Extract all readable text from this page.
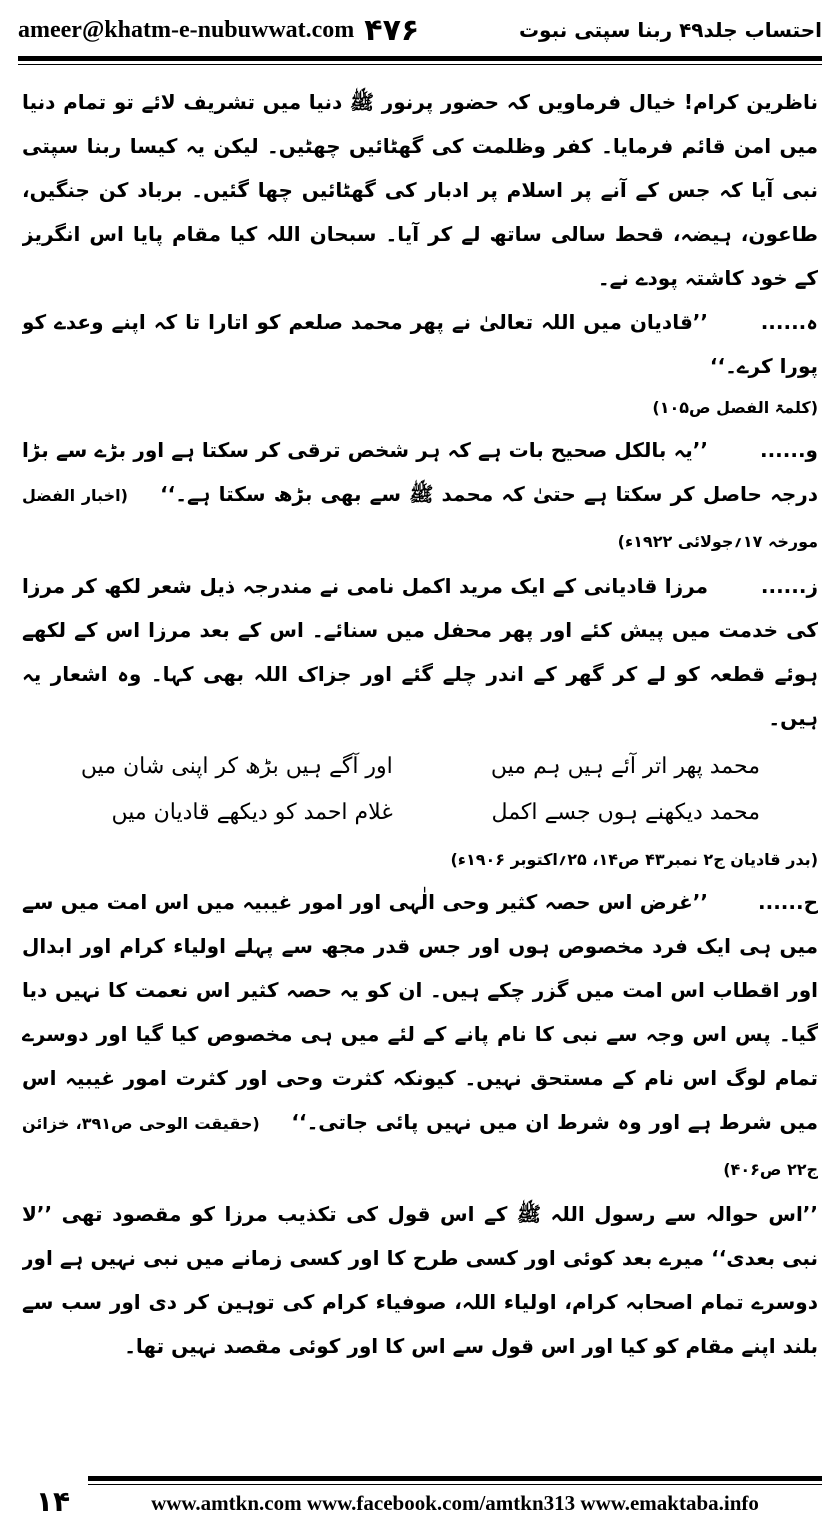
ameer@khatm-e-nubuwwat.com ۴۷۶	احتساب جلد۴۹ ربنا سپتی نبوت

ناظرین کرام! خیال فرماویں کہ حضور پرنور ﷺ دنیا میں تشریف لائے تو تمام دنیا میں امن قائم فرمایا۔ کفر وظلمت کی گھٹائیں چھٹیں۔ لیکن یہ کیسا ربنا سپتی نبی آیا کہ جس کے آنے پر اسلام پر ادبار کی گھٹائیں چھا گئیں۔ برباد کن جنگیں، طاعون، ہیضہ، قحط سالی ساتھ لے کر آیا۔ سبحان اللہ کیا مقام پایا اس انگریز کے خود کاشتہ پودے نے۔

ہ......’’قادیان میں اللہ تعالیٰ نے پھر محمد صلعم کو اتارا تا کہ اپنے وعدے کو پورا کرے۔‘‘

(کلمۃ الفصل ص۱۰۵)

و......’’یہ بالکل صحیح بات ہے کہ ہر شخص ترقی کر سکتا ہے اور بڑے سے بڑا درجہ حاصل کر سکتا ہے حتیٰ کہ محمد ﷺ سے بھی بڑھ سکتا ہے۔‘‘ (اخبار الفضل مورخہ ۱۷؍جولائی ۱۹۲۲ء)

ز......مرزا قادیانی کے ایک مرید اکمل نامی نے مندرجہ ذیل شعر لکھ کر مرزا کی خدمت میں پیش کئے اور پھر محفل میں سنائے۔ اس کے بعد مرزا اس کے لکھے ہوئے قطعہ کو لے کر گھر کے اندر چلے گئے اور جزاک اللہ بھی کہا۔ وہ اشعار یہ ہیں۔

محمد پھر اتر آئے ہیں ہم میں
اور آگے ہیں بڑھ کر اپنی شان میں
محمد دیکھنے ہوں جسے اکمل
غلام احمد کو دیکھے قادیان میں

(بدر قادیان ج۲ نمبر۴۳ ص۱۴، ۲۵؍اکتوبر ۱۹۰۶ء)

ح......’’غرض اس حصہ کثیر وحی الٰہی اور امور غیبیہ میں اس امت میں سے میں ہی ایک فرد مخصوص ہوں اور جس قدر مجھ سے پہلے اولیاء کرام اور ابدال اور اقطاب اس امت میں گزر چکے ہیں۔ ان کو یہ حصہ کثیر اس نعمت کا نہیں دیا گیا۔ پس اس وجہ سے نبی کا نام پانے کے لئے میں ہی مخصوص کیا گیا اور دوسرے تمام لوگ اس نام کے مستحق نہیں۔ کیونکہ کثرت وحی اور کثرت امور غیبیہ اس میں شرط ہے اور وہ شرط ان میں نہیں پائی جاتی۔‘‘ (حقیقت الوحی ص۳۹۱، خزائن ج۲۲ ص۴۰۶)

’’اس حوالہ سے رسول اللہ ﷺ کے اس قول کی تکذیب مرزا کو مقصود تھی ’’لا نبی بعدی‘‘ میرے بعد کوئی اور کسی طرح کا اور کسی زمانے میں نبی نہیں ہے اور دوسرے تمام اصحابہ کرام، اولیاء اللہ، صوفیاء کرام کی توہین کر دی اور سب سے بلند اپنے مقام کو کیا اور اس قول سے اس کا اور کوئی مقصد نہیں تھا۔

۱۴	www.amtkn.com www.facebook.com/amtkn313 www.emaktaba.info
